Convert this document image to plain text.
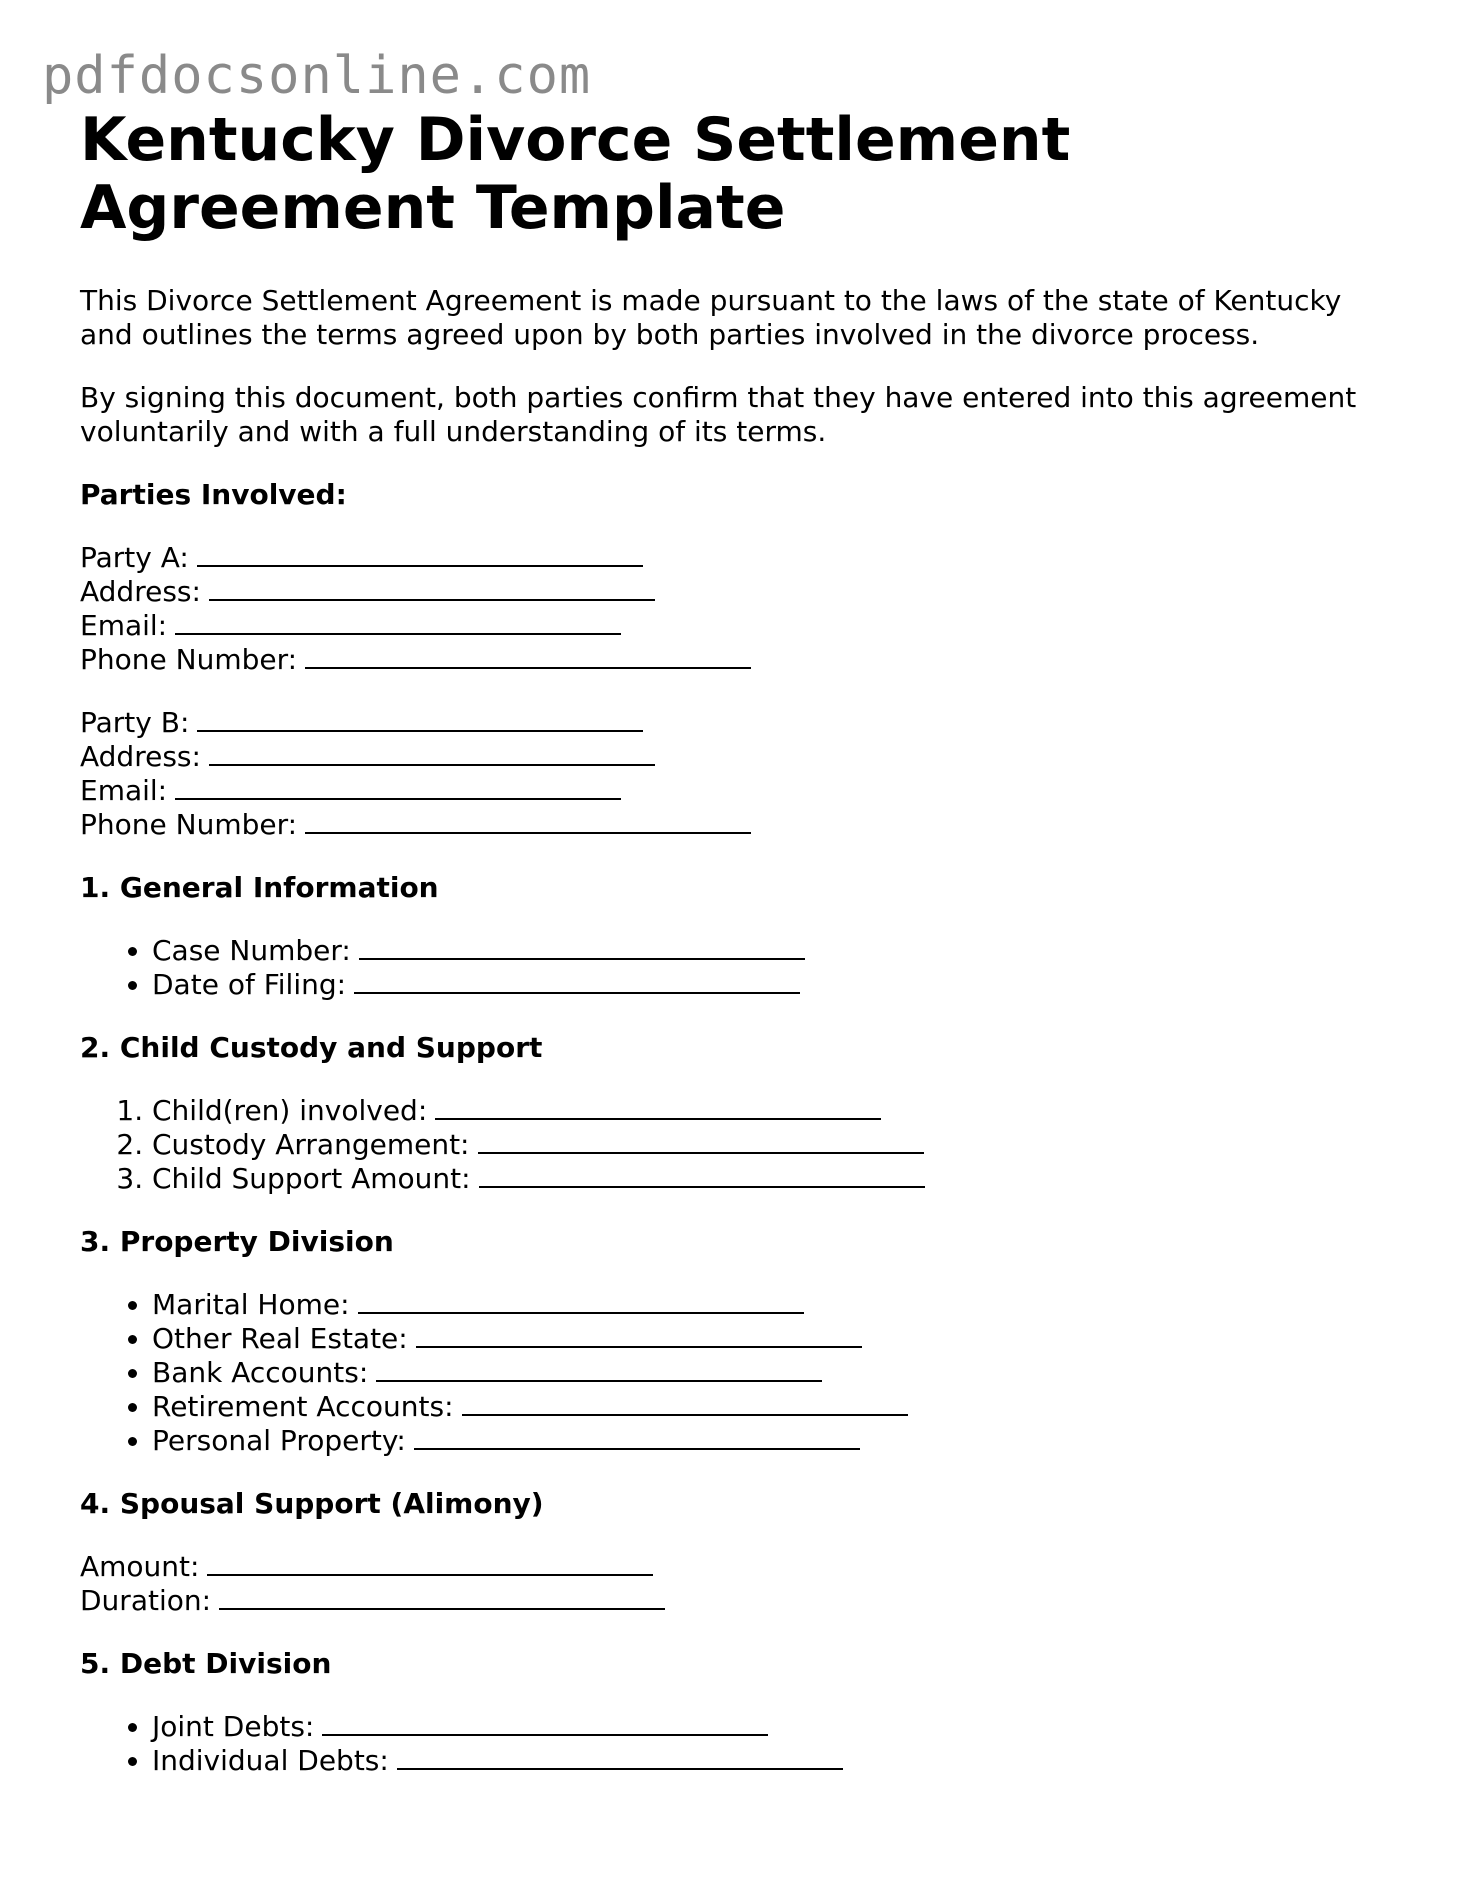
pdfdocsonline.com
Kentucky Divorce Settlement
Agreement Template

This Divorce Settlement Agreement is made pursuant to the laws of the state of Kentucky and outlines the terms agreed upon by both parties involved in the divorce process.

By signing this document, both parties confirm that they have entered into this agreement voluntarily and with a full understanding of its terms.

Parties Involved:
Party A:
Address:
Email:
Phone Number:
Party B:
Address:
Email:
Phone Number:
1. General Information
• Case Number:
• Date of Filing:
2. Child Custody and Support
1. Child(ren) involved:
2. Custody Arrangement:
3. Child Support Amount:
3. Property Division
• Marital Home:
• Other Real Estate:
• Bank Accounts:
• Retirement Accounts:
• Personal Property:
4. Spousal Support (Alimony)
Amount:
Duration:
5. Debt Division
• Joint Debts:
• Individual Debts:
